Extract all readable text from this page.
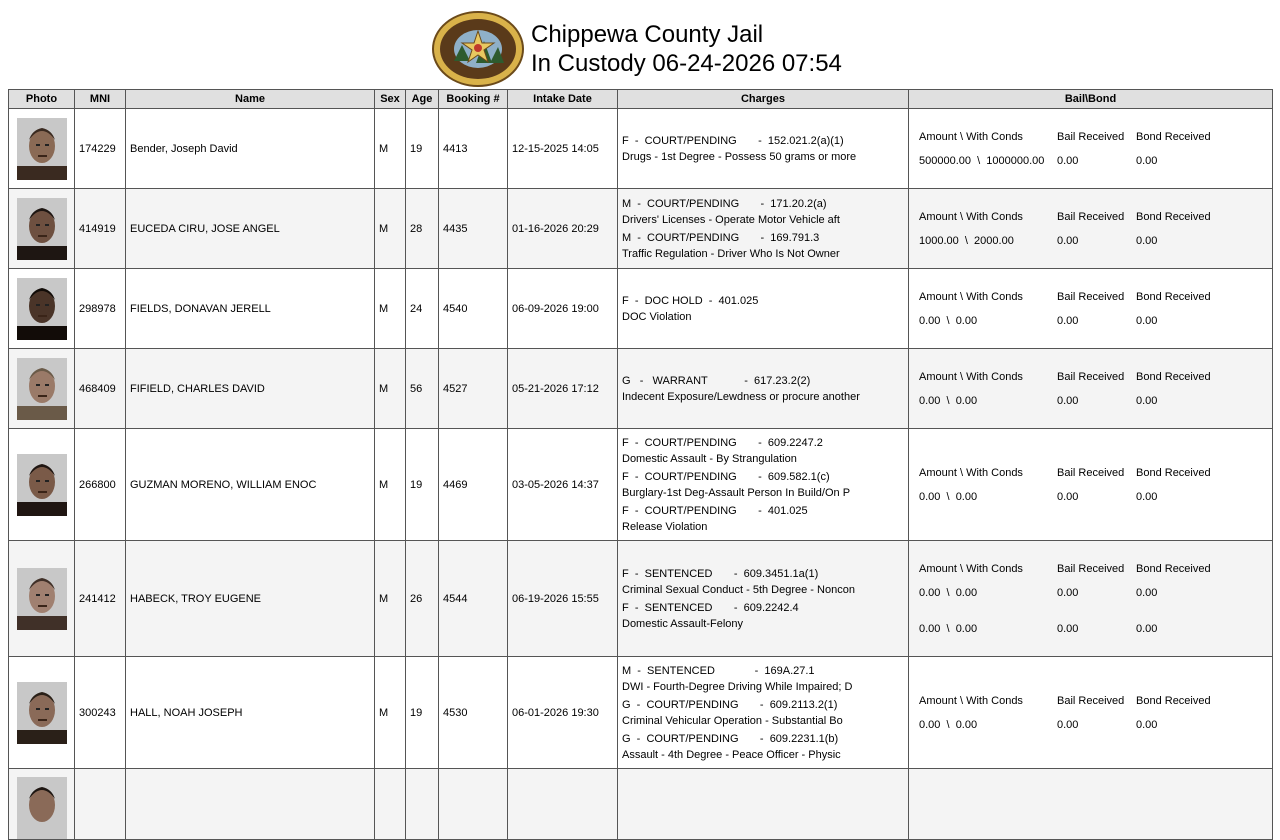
Chippewa County Jail
In Custody 06-24-2026 07:54
Photo	MNI	Name	Sex	Age	Booking #	Intake Date	Charges	Bail\Bond

	174229	Bender, Joseph David	M	19	4413	12-15-2025 14:05	
F  -  COURT/PENDING       -  152.021.2(a)(1)
Drugs - 1st Degree - Possess 50 grams or more

Amount \ With Conds	Bail Received	Bond Received
500000.00  \  1000000.00	0.00	0.00

	414919	EUCEDA CIRU, JOSE ANGEL	M	28	4435	01-16-2026 20:29	
M  -  COURT/PENDING       -  171.20.2(a)
Drivers' Licenses - Operate Motor Vehicle aft
M  -  COURT/PENDING       -  169.791.3
Traffic Regulation - Driver Who Is Not Owner

Amount \ With Conds	Bail Received	Bond Received
1000.00  \  2000.00	0.00	0.00

	298978	FIELDS, DONAVAN JERELL	M	24	4540	06-09-2026 19:00	
F  -  DOC HOLD  -  401.025
DOC Violation

Amount \ With Conds	Bail Received	Bond Received
0.00  \  0.00	0.00	0.00

	468409	FIFIELD, CHARLES DAVID	M	56	4527	05-21-2026 17:12	
G   -   WARRANT            -  617.23.2(2)
Indecent Exposure/Lewdness or procure another

Amount \ With Conds	Bail Received	Bond Received
0.00  \  0.00	0.00	0.00

	266800	GUZMAN MORENO, WILLIAM ENOC	M	19	4469	03-05-2026 14:37	
F  -  COURT/PENDING       -  609.2247.2
Domestic Assault - By Strangulation
F  -  COURT/PENDING       -  609.582.1(c)
Burglary-1st Deg-Assault Person In Build/On P
F  -  COURT/PENDING       -  401.025
Release Violation

Amount \ With Conds	Bail Received	Bond Received
0.00  \  0.00	0.00	0.00

	241412	HABECK, TROY EUGENE	M	26	4544	06-19-2026 15:55	
F  -  SENTENCED       -  609.3451.1a(1)
Criminal Sexual Conduct - 5th Degree - Noncon
F  -  SENTENCED       -  609.2242.4
Domestic Assault-Felony

Amount \ With Conds	Bail Received	Bond Received
0.00  \  0.00	0.00	0.00

0.00  \  0.00	0.00	0.00

	300243	HALL, NOAH JOSEPH	M	19	4530	06-01-2026 19:30	
M  -  SENTENCED             -  169A.27.1
DWI - Fourth-Degree Driving While Impaired; D
G  -  COURT/PENDING       -  609.2113.2(1)
Criminal Vehicular Operation - Substantial Bo
G  -  COURT/PENDING       -  609.2231.1(b)
Assault - 4th Degree - Peace Officer - Physic

Amount \ With Conds	Bail Received	Bond Received
0.00  \  0.00	0.00	0.00
